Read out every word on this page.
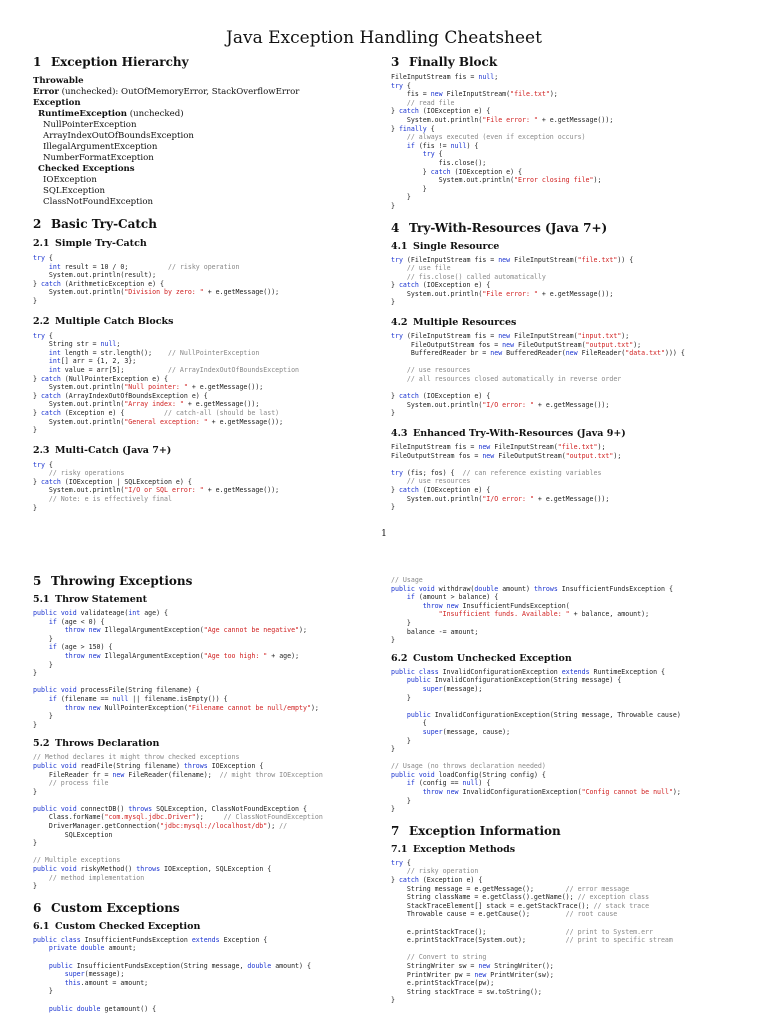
Java Exception Handling Cheatsheet
1 Exception Hierarchy
Throwable
Error (unchecked): OutOfMemoryError, StackOverflowError
Exception
RuntimeException (unchecked)
NullPointerException
ArrayIndexOutOfBoundsException
IllegalArgumentException
NumberFormatException
Checked Exceptions
IOException
SQLException
ClassNotFoundException
2 Basic Try-Catch
2.1 Simple Try-Catch
try {
int result = 10 / 0;          // risky operation
System.out.println(result);
} catch (ArithmeticException e) {
System.out.println("Division by zero: " + e.getMessage());
}
2.2 Multiple Catch Blocks
try {
String str = null;
int length = str.length();    // NullPointerException
int[] arr = {1, 2, 3};
int value = arr[5];           // ArrayIndexOutOfBoundsException
} catch (NullPointerException e) {
System.out.println("Null pointer: " + e.getMessage());
} catch (ArrayIndexOutOfBoundsException e) {
System.out.println("Array index: " + e.getMessage());
} catch (Exception e) {          // catch-all (should be last)
System.out.println("General exception: " + e.getMessage());
}
2.3 Multi-Catch (Java 7+)
try {
// risky operations
} catch (IOException | SQLException e) {
System.out.println("I/O or SQL error: " + e.getMessage());
// Note: e is effectively final
}
3 Finally Block
FileInputStream fis = null;
try {
fis = new FileInputStream("file.txt");
// read file
} catch (IOException e) {
System.out.println("File error: " + e.getMessage());
} finally {
// always executed (even if exception occurs)
if (fis != null) {
try {
fis.close();
} catch (IOException e) {
System.out.println("Error closing file");
}
}
}
4 Try-With-Resources (Java 7+)
4.1 Single Resource
try (FileInputStream fis = new FileInputStream("file.txt")) {
// use file
// fis.close() called automatically
} catch (IOException e) {
System.out.println("File error: " + e.getMessage());
}
4.2 Multiple Resources
try (FileInputStream fis = new FileInputStream("input.txt");
FileOutputStream fos = new FileOutputStream("output.txt");
BufferedReader br = new BufferedReader(new FileReader("data.txt"))) {

// use resources
// all resources closed automatically in reverse order

} catch (IOException e) {
System.out.println("I/O error: " + e.getMessage());
}
4.3 Enhanced Try-With-Resources (Java 9+)
FileInputStream fis = new FileInputStream("file.txt");
FileOutputStream fos = new FileOutputStream("output.txt");

try (fis; fos) {  // can reference existing variables
// use resources
} catch (IOException e) {
System.out.println("I/O error: " + e.getMessage());
}
1
5 Throwing Exceptions
5.1 Throw Statement
public void validateage(int age) {
if (age < 0) {
throw new IllegalArgumentException("Age cannot be negative");
}
if (age > 150) {
throw new IllegalArgumentException("Age too high: " + age);
}
}

public void processFile(String filename) {
if (filename == null || filename.isEmpty()) {
throw new NullPointerException("Filename cannot be null/empty");
}
}
5.2 Throws Declaration
// Method declares it might throw checked exceptions
public void readFile(String filename) throws IOException {
FileReader fr = new FileReader(filename);  // might throw IOException
// process file
}

public void connectDB() throws SQLException, ClassNotFoundException {
Class.forName("com.mysql.jdbc.Driver");     // ClassNotFoundException
DriverManager.getConnection("jdbc:mysql://localhost/db"); //
SQLException
}

// Multiple exceptions
public void riskyMethod() throws IOException, SQLException {
// method implementation
}
6 Custom Exceptions
6.1 Custom Checked Exception
public class InsufficientFundsException extends Exception {
private double amount;

public InsufficientFundsException(String message, double amount) {
super(message);
this.amount = amount;
}

public double getamount() {
// Usage
public void withdraw(double amount) throws InsufficientFundsException {
if (amount > balance) {
throw new InsufficientFundsException(
"Insufficient funds. Available: " + balance, amount);
}
balance -= amount;
}
6.2 Custom Unchecked Exception
public class InvalidConfigurationException extends RuntimeException {
public InvalidConfigurationException(String message) {
super(message);
}

public InvalidConfigurationException(String message, Throwable cause)
{
super(message, cause);
}
}

// Usage (no throws declaration needed)
public void loadConfig(String config) {
if (config == null) {
throw new InvalidConfigurationException("Config cannot be null");
}
}
7 Exception Information
7.1 Exception Methods
try {
// risky operation
} catch (Exception e) {
String message = e.getMessage();        // error message
String className = e.getClass().getName(); // exception class
StackTraceElement[] stack = e.getStackTrace(); // stack trace
Throwable cause = e.getCause();         // root cause

e.printStackTrace();                    // print to System.err
e.printStackTrace(System.out);          // print to specific stream

// Convert to string
StringWriter sw = new StringWriter();
PrintWriter pw = new PrintWriter(sw);
e.printStackTrace(pw);
String stackTrace = sw.toString();
}
